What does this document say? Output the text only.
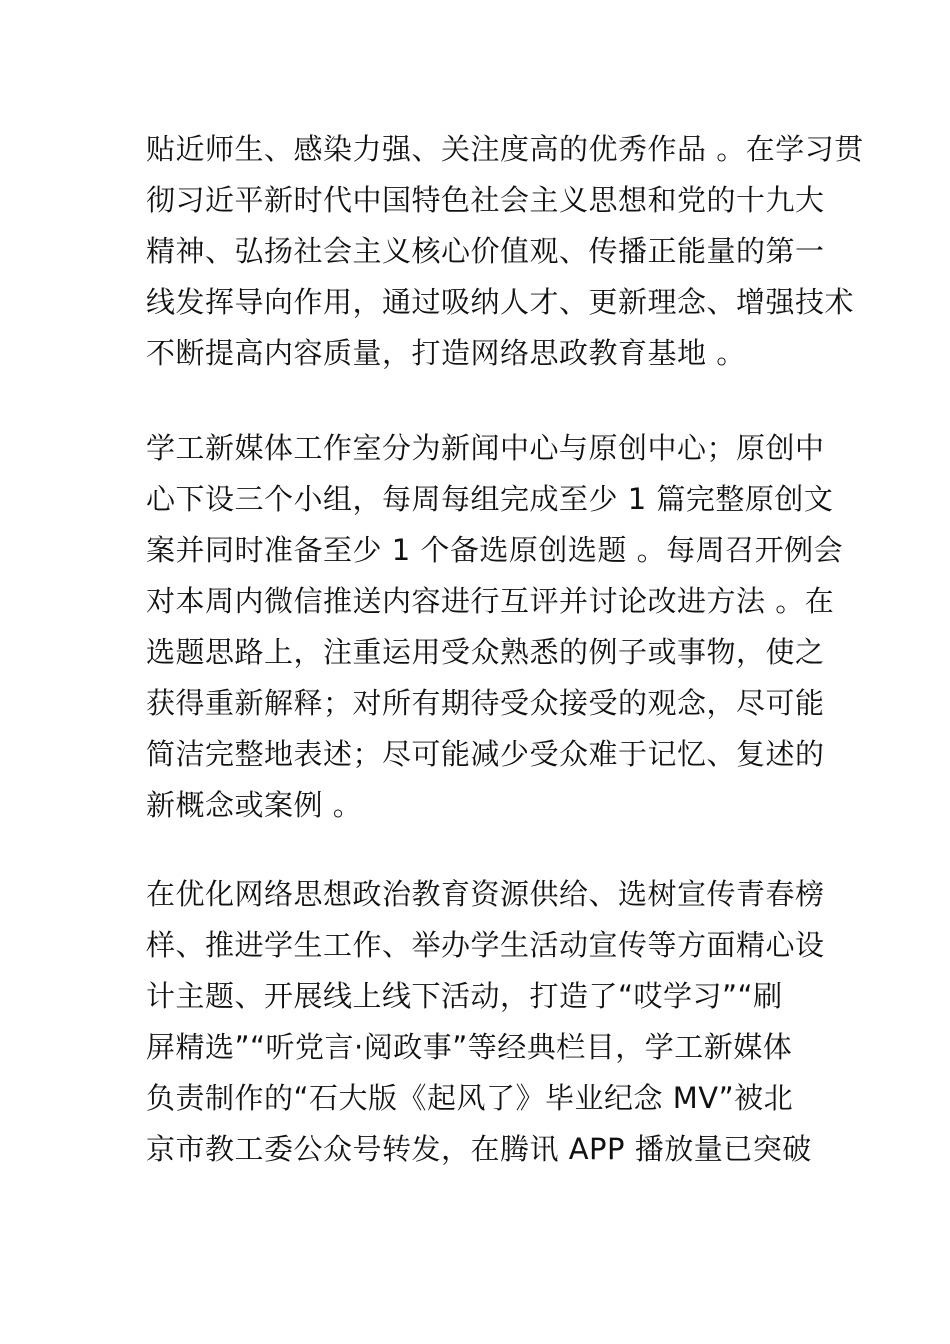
贴近师生、感染力强、关注度高的优秀作品 。在学习贯
彻习近平新时代中国特色社会主义思想和党的十九大
精神、弘扬社会主义核心价值观、传播正能量的第一
线发挥导向作用，通过吸纳人才、更新理念、增强技术
不断提高内容质量，打造网络思政教育基地 。
学工新媒体工作室分为新闻中心与原创中心；原创中
心下设三个小组，每周每组完成至少 1 篇完整原创文
案并同时准备至少 1 个备选原创选题 。每周召开例会
对本周内微信推送内容进行互评并讨论改进方法 。在
选题思路上，注重运用受众熟悉的例子或事物，使之
获得重新解释；对所有期待受众接受的观念，尽可能
简洁完整地表述；尽可能减少受众难于记忆、复述的
新概念或案例 。
在优化网络思想政治教育资源供给、选树宣传青春榜
样、推进学生工作、举办学生活动宣传等方面精心设
计主题、开展线上线下活动，打造了“哎学习”“刷
屏精选”“听党言·阅政事”等经典栏目，学工新媒体
负责制作的“石大版《起风了》毕业纪念 MV”被北
京市教工委公众号转发，在腾讯 APP 播放量已突破
